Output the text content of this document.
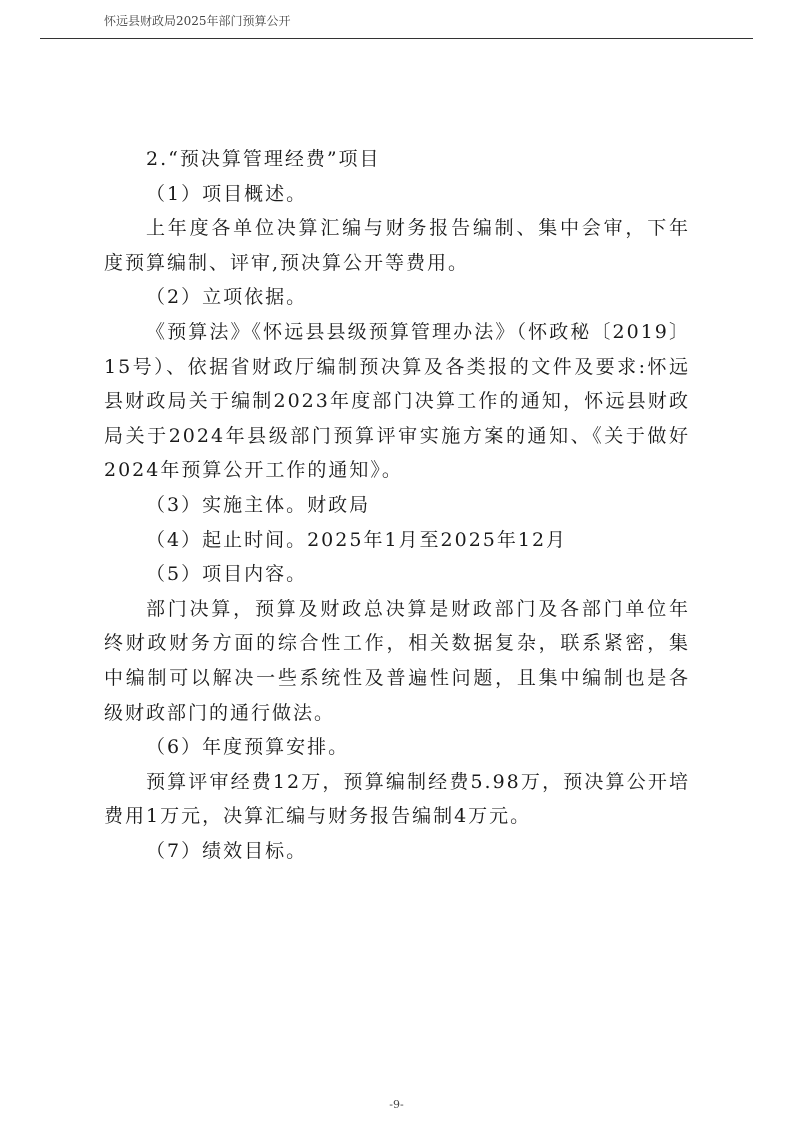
怀远县财政局2025年部门预算公开

2.“预决算管理经费”项目

（1）项目概述。

上年度各单位决算汇编与财务报告编制、集中会审，下年度预算编制、评审,预决算公开等费用。

（2）立项依据。

《预算法》《怀远县县级预算管理办法》（怀政秘〔2019〕15号）、依据省财政厅编制预决算及各类报的文件及要求:怀远县财政局关于编制2023年度部门决算工作的通知，怀远县财政局关于2024年县级部门预算评审实施方案的通知、《关于做好2024年预算公开工作的通知》。

（3）实施主体。财政局

（4）起止时间。2025年1月至2025年12月

（5）项目内容。

部门决算，预算及财政总决算是财政部门及各部门单位年终财政财务方面的综合性工作，相关数据复杂，联系紧密，集中编制可以解决一些系统性及普遍性问题，且集中编制也是各级财政部门的通行做法。

（6）年度预算安排。

预算评审经费12万，预算编制经费5.98万，预决算公开培费用1万元，决算汇编与财务报告编制4万元。

（7）绩效目标。

-9-
